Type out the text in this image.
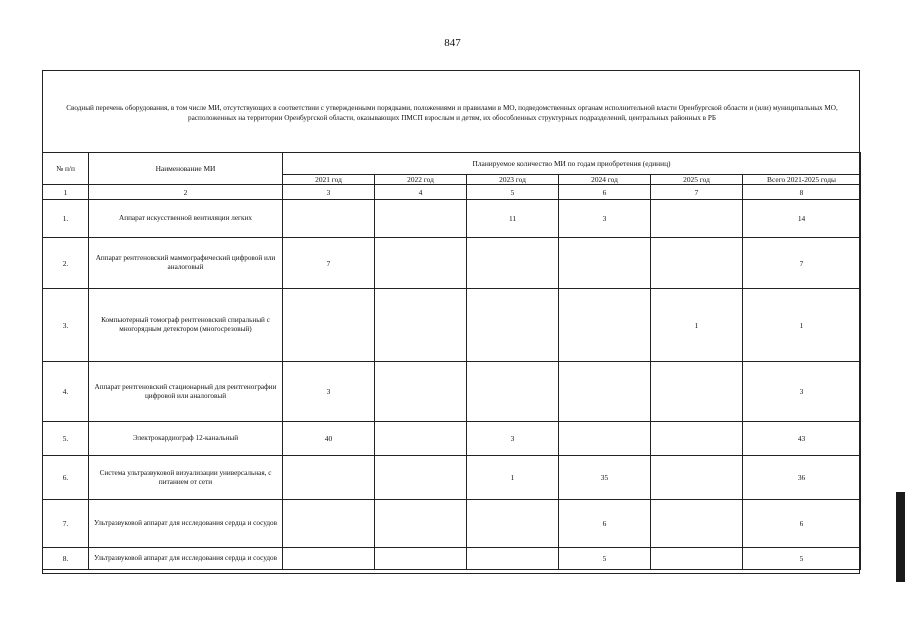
847
Сводный перечень оборудования, в том числе МИ, отсутствующих в соответствии с утвержденными порядками, положениями и правилами в МО, подведомственных органам исполнительной власти Оренбургской области и (или) муниципальных МО, расположенных на территории Оренбургской области, оказывающих ПМСП взрослым и детям, их обособленных структурных подразделений, центральных районных в РБ
№ п/п	Наименование МИ	Планируемое количество МИ по годам приобретения (единиц)					
		2021 год	2022 год	2023 год	2024 год	2025 год	Всего 2021-2025 годы
1	2	3	4	5	6	7	8
1.	Аппарат искусственной вентиляции легких			11	3		14
2.	Аппарат рентгеновский маммографический цифровой или аналоговый	7					7
3.	Компьютерный томограф рентгеновский спиральный с многорядным детектором (многосрезовый)					1	1
4.	Аппарат рентгеновский стационарный для рентгенографии цифровой или аналоговый	3					3
5.	Электрокардиограф 12-канальный	40		3			43
6.	Система ультразвуковой визуализации универсальная, с питанием от сети			1	35		36
7.	Ультразвуковой аппарат для исследования сердца и сосудов				6		6
8.	Ультразвуковой аппарат для исследования сердца и сосудов				5		5
